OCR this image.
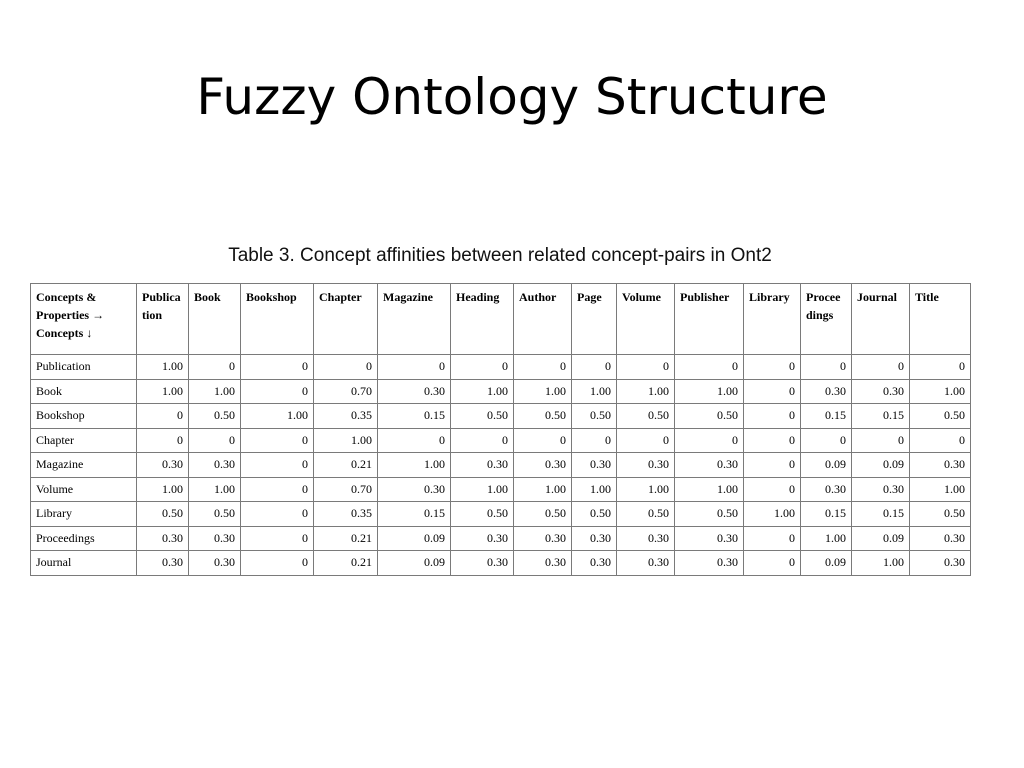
Fuzzy Ontology Structure
Table 3. Concept affinities between related concept-pairs in Ont2
Concepts &
Properties →
Concepts ↓	Publication	Book	Bookshop	Chapter	Magazine	Heading	Author	Page	Volume	Publisher	Library	Proceedings	Journal	Title
Publication	1.00	0	0	0	0	0	0	0	0	0	0	0	0	0
Book	1.00	1.00	0	0.70	0.30	1.00	1.00	1.00	1.00	1.00	0	0.30	0.30	1.00
Bookshop	0	0.50	1.00	0.35	0.15	0.50	0.50	0.50	0.50	0.50	0	0.15	0.15	0.50
Chapter	0	0	0	1.00	0	0	0	0	0	0	0	0	0	0
Magazine	0.30	0.30	0	0.21	1.00	0.30	0.30	0.30	0.30	0.30	0	0.09	0.09	0.30
Volume	1.00	1.00	0	0.70	0.30	1.00	1.00	1.00	1.00	1.00	0	0.30	0.30	1.00
Library	0.50	0.50	0	0.35	0.15	0.50	0.50	0.50	0.50	0.50	1.00	0.15	0.15	0.50
Proceedings	0.30	0.30	0	0.21	0.09	0.30	0.30	0.30	0.30	0.30	0	1.00	0.09	0.30
Journal	0.30	0.30	0	0.21	0.09	0.30	0.30	0.30	0.30	0.30	0	0.09	1.00	0.30
